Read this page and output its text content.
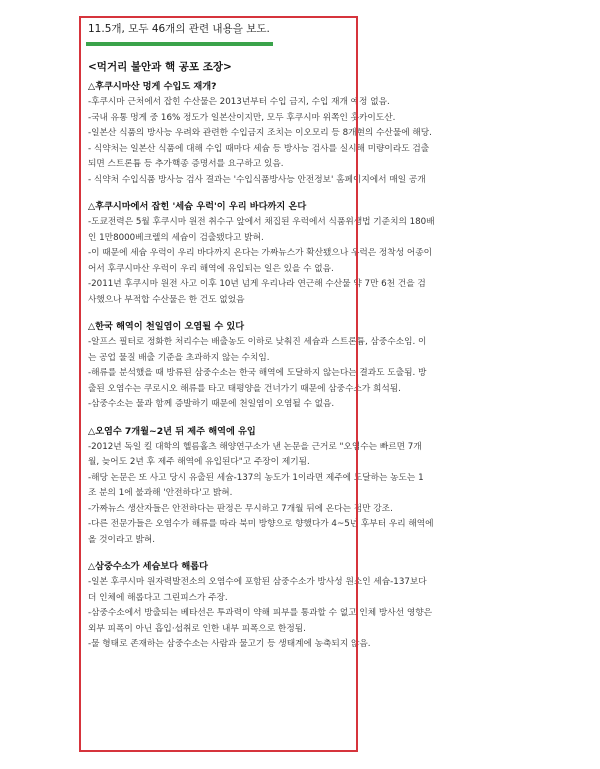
11.5개, 모두 46개의 관련 내용을 보도.
<먹거리 불안과 핵 공포 조장>
△후쿠시마산 멍게 수입도 재개?
-후쿠시마 근처에서 잡힌 수산물은 2013년부터 수입 금지, 수입 재개 예정 없음.
-국내 유통 멍게 중 16% 정도가 일본산이지만, 모두 후쿠시마 위쪽인 홋카이도산.
-일본산 식품의 방사능 우려와 관련한 수입금지 조치는 이오모리 등 8개현의 수산물에 해당.
- 식약처는 일본산 식품에 대해 수입 때마다 세슘 등 방사능 검사를 실시해 미량이라도 검출
되면 스트론튬 등 추가핵종 증명서를 요구하고 있음.
- 식약처 수입식품 방사능 검사 결과는 '수입식품방사능 안전정보' 홈페이지에서 매일 공개
△후쿠시마에서 잡힌 '세슘 우럭'이 우리 바다까지 온다
-도쿄전력은 5월 후쿠시마 원전 취수구 앞에서 채집된 우럭에서 식품위생법 기준치의 180배
인 1만8000베크렐의 세슘이 검출됐다고 밝혀.
-이 때문에 세슘 우럭이 우리 바다까지 온다는 가짜뉴스가 확산됐으나 우럭은 정착성 어종이
어서 후쿠시마산 우럭이 우리 해역에 유입되는 일은 있을 수 없음.
-2011년 후쿠시마 원전 사고 이후 10년 넘게 우리나라 연근해 수산물 약 7만 6천 건을 검
사했으나 부적합 수산물은 한 건도 없었음
△한국 해역이 천일염이 오염될 수 있다
-알프스 필터로 정화한 처리수는 배출농도 이하로 낮춰진 세슘과 스트론튬, 삼중수소임. 이
는 공업 물질 배출 기준을 초과하지 않는 수치임.
-해류를 분석했을 때 방류된 삼중수소는 한국 해역에 도달하지 않는다는 결과도 도출됨. 방
출된 오염수는 쿠로시오 해류를 타고 태평양을 건너가기 때문에 삼중수소가 희석됨.
-삼중수소는 물과 함께 증발하기 때문에 천일염이 오염될 수 없음.
△오염수 7개월~2년 뒤 제주 해역에 유입
-2012년 독일 킬 대학의 헬름홀츠 해양연구소가 낸 논문을 근거로 "오염수는 빠르면 7개
월, 늦어도 2년 후 제주 해역에 유입된다"고 주장이 제기됨.
-해당 논문은 또 사고 당시 유출된 세슘-137의 농도가 1이라면 제주에 도달하는 농도는 1
조 분의 1에 불과해 '안전하다'고 밝혀.
-가짜뉴스 생산자들은 안전하다는 판정은 무시하고 7개월 뒤에 온다는 점만 강조.
-다른 전문가들은 오염수가 해류를 따라 북미 방향으로 향했다가 4~5년 후부터 우리 해역에
올 것이라고 밝혀.
△삼중수소가 세슘보다 해롭다
-일본 후쿠시마 원자력발전소의 오염수에 포함된 삼중수소가 방사성 원소인 세슘-137보다
더 인체에 해롭다고 그린피스가 주장.
-삼중수소에서 방출되는 베타선은 투과력이 약해 피부를 통과할 수 없고 인체 방사선 영향은
외부 피폭이 아닌 흡입·섭취로 인한 내부 피폭으로 한정됨.
-물 형태로 존재하는 삼중수소는 사람과 물고기 등 생태계에 농축되지 않음.
